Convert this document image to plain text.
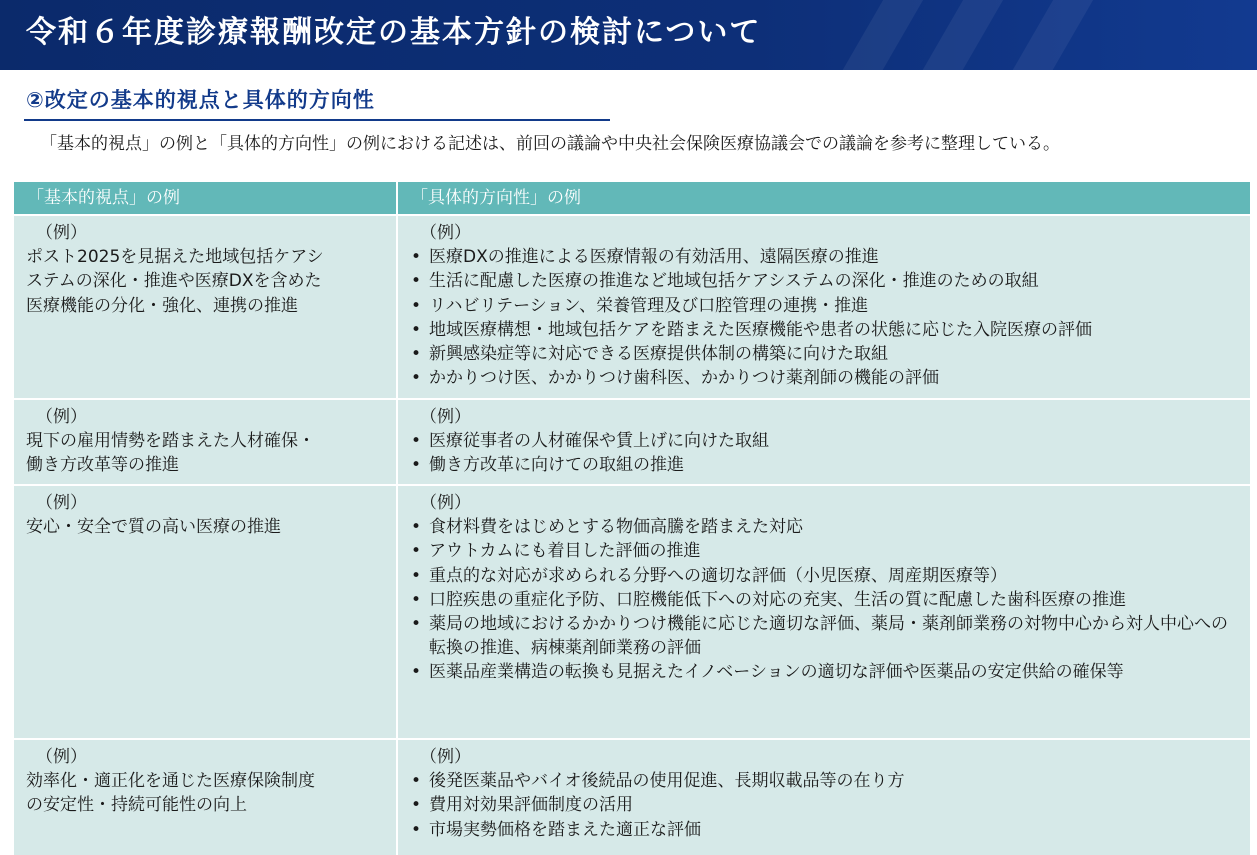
令和６年度診療報酬改定の基本方針の検討について
②改定の基本的視点と具体的方向性

「基本的視点」の例と「具体的方向性」の例における記述は、前回の議論や中央社会保険医療協議会での議論を参考に整理している。

「基本的視点」の例	「具体的方向性」の例
（例）
ポスト2025を見据えた地域包括ケアシ
ステムの深化・推進や医療DXを含めた
医療機能の分化・強化、連携の推進
（例）
• 医療DXの推進による医療情報の有効活用、遠隔医療の推進
• 生活に配慮した医療の推進など地域包括ケアシステムの深化・推進のための取組
• リハビリテーション、栄養管理及び口腔管理の連携・推進
• 地域医療構想・地域包括ケアを踏まえた医療機能や患者の状態に応じた入院医療の評価
• 新興感染症等に対応できる医療提供体制の構築に向けた取組
• かかりつけ医、かかりつけ歯科医、かかりつけ薬剤師の機能の評価
（例）
現下の雇用情勢を踏まえた人材確保・
働き方改革等の推進
（例）
• 医療従事者の人材確保や賃上げに向けた取組
• 働き方改革に向けての取組の推進
（例）
安心・安全で質の高い医療の推進
（例）
• 食材料費をはじめとする物価高騰を踏まえた対応
• アウトカムにも着目した評価の推進
• 重点的な対応が求められる分野への適切な評価（小児医療、周産期医療等）
• 口腔疾患の重症化予防、口腔機能低下への対応の充実、生活の質に配慮した歯科医療の推進
• 薬局の地域におけるかかりつけ機能に応じた適切な評価、薬局・薬剤師業務の対物中心から対人中心への転換の推進、病棟薬剤師業務の評価
• 医薬品産業構造の転換も見据えたイノベーションの適切な評価や医薬品の安定供給の確保等
（例）
効率化・適正化を通じた医療保険制度
の安定性・持続可能性の向上
（例）
• 後発医薬品やバイオ後続品の使用促進、長期収載品等の在り方
• 費用対効果評価制度の活用
• 市場実勢価格を踏まえた適正な評価
